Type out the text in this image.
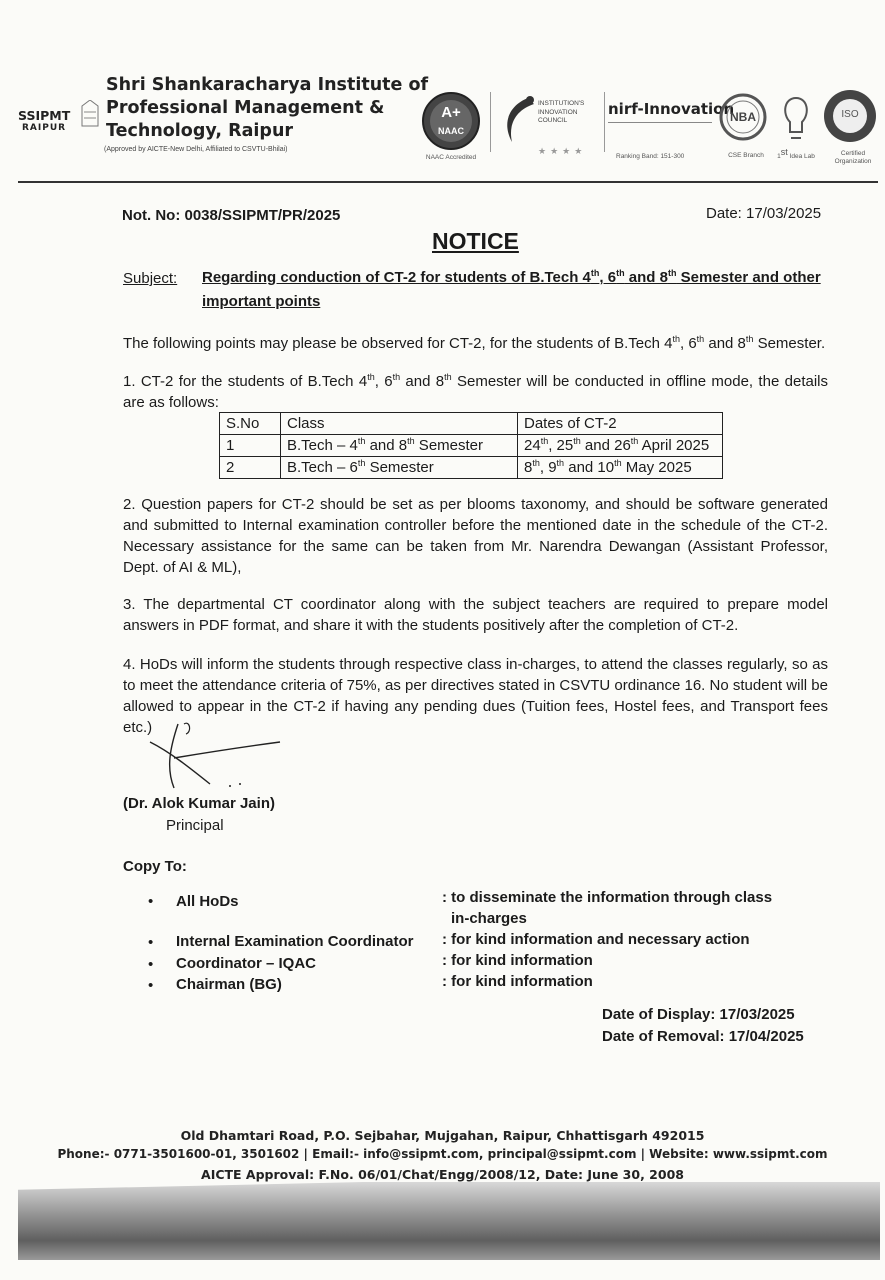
SSIPMT
RAIPUR
Shri Shankaracharya Institute of
Professional Management &
Technology, Raipur
(Approved by AICTE-New Delhi, Affiliated to CSVTU-Bhilai)
A+
NAAC
NAAC Accredited
INSTITUTION'S INNOVATION COUNCIL
★★★★
nirf-Innovation
Ranking Band: 151-300
NBA
CSE Branch	1st Idea Lab
ISO
Certified Organization
Not. No: 0038/SSIPMT/PR/2025	Date: 17/03/2025
NOTICE
Subject: Regarding conduction of CT-2 for students of B.Tech 4th, 6th and 8th Semester and other important points
The following points may please be observed for CT-2, for the students of B.Tech 4th, 6th and 8th Semester.
1. CT-2 for the students of B.Tech 4th, 6th and 8th Semester will be conducted in offline mode, the details are as follows:
S.No	Class	Dates of CT-2
1	B.Tech – 4th and 8th Semester	24th, 25th and 26th April 2025
2	B.Tech – 6th Semester	8th, 9th and 10th May 2025
2. Question papers for CT-2 should be set as per blooms taxonomy, and should be software generated and submitted to Internal examination controller before the mentioned date in the schedule of the CT-2. Necessary assistance for the same can be taken from Mr. Narendra Dewangan (Assistant Professor, Dept. of AI & ML),
3. The departmental CT coordinator along with the subject teachers are required to prepare model answers in PDF format, and share it with the students positively after the completion of CT-2.
4. HoDs will inform the students through respective class in-charges, to attend the classes regularly, so as to meet the attendance criteria of 75%, as per directives stated in CSVTU ordinance 16. No student will be allowed to appear in the CT-2 if having any pending dues (Tuition fees, Hostel fees, and Transport fees etc.)
(Dr. Alok Kumar Jain)
Principal
Copy To:
• All HoDs	: to disseminate the information through class
in-charges
• Internal Examination Coordinator : for kind information and necessary action
• Coordinator – IQAC	: for kind information
• Chairman (BG)	: for kind information
Date of Display: 17/03/2025
Date of Removal: 17/04/2025
Old Dhamtari Road, P.O. Sejbahar, Mujgahan, Raipur, Chhattisgarh 492015
Phone:- 0771-3501600-01, 3501602 | Email:- info@ssipmt.com, principal@ssipmt.com | Website: www.ssipmt.com
AICTE Approval: F.No. 06/01/Chat/Engg/2008/12, Date: June 30, 2008
